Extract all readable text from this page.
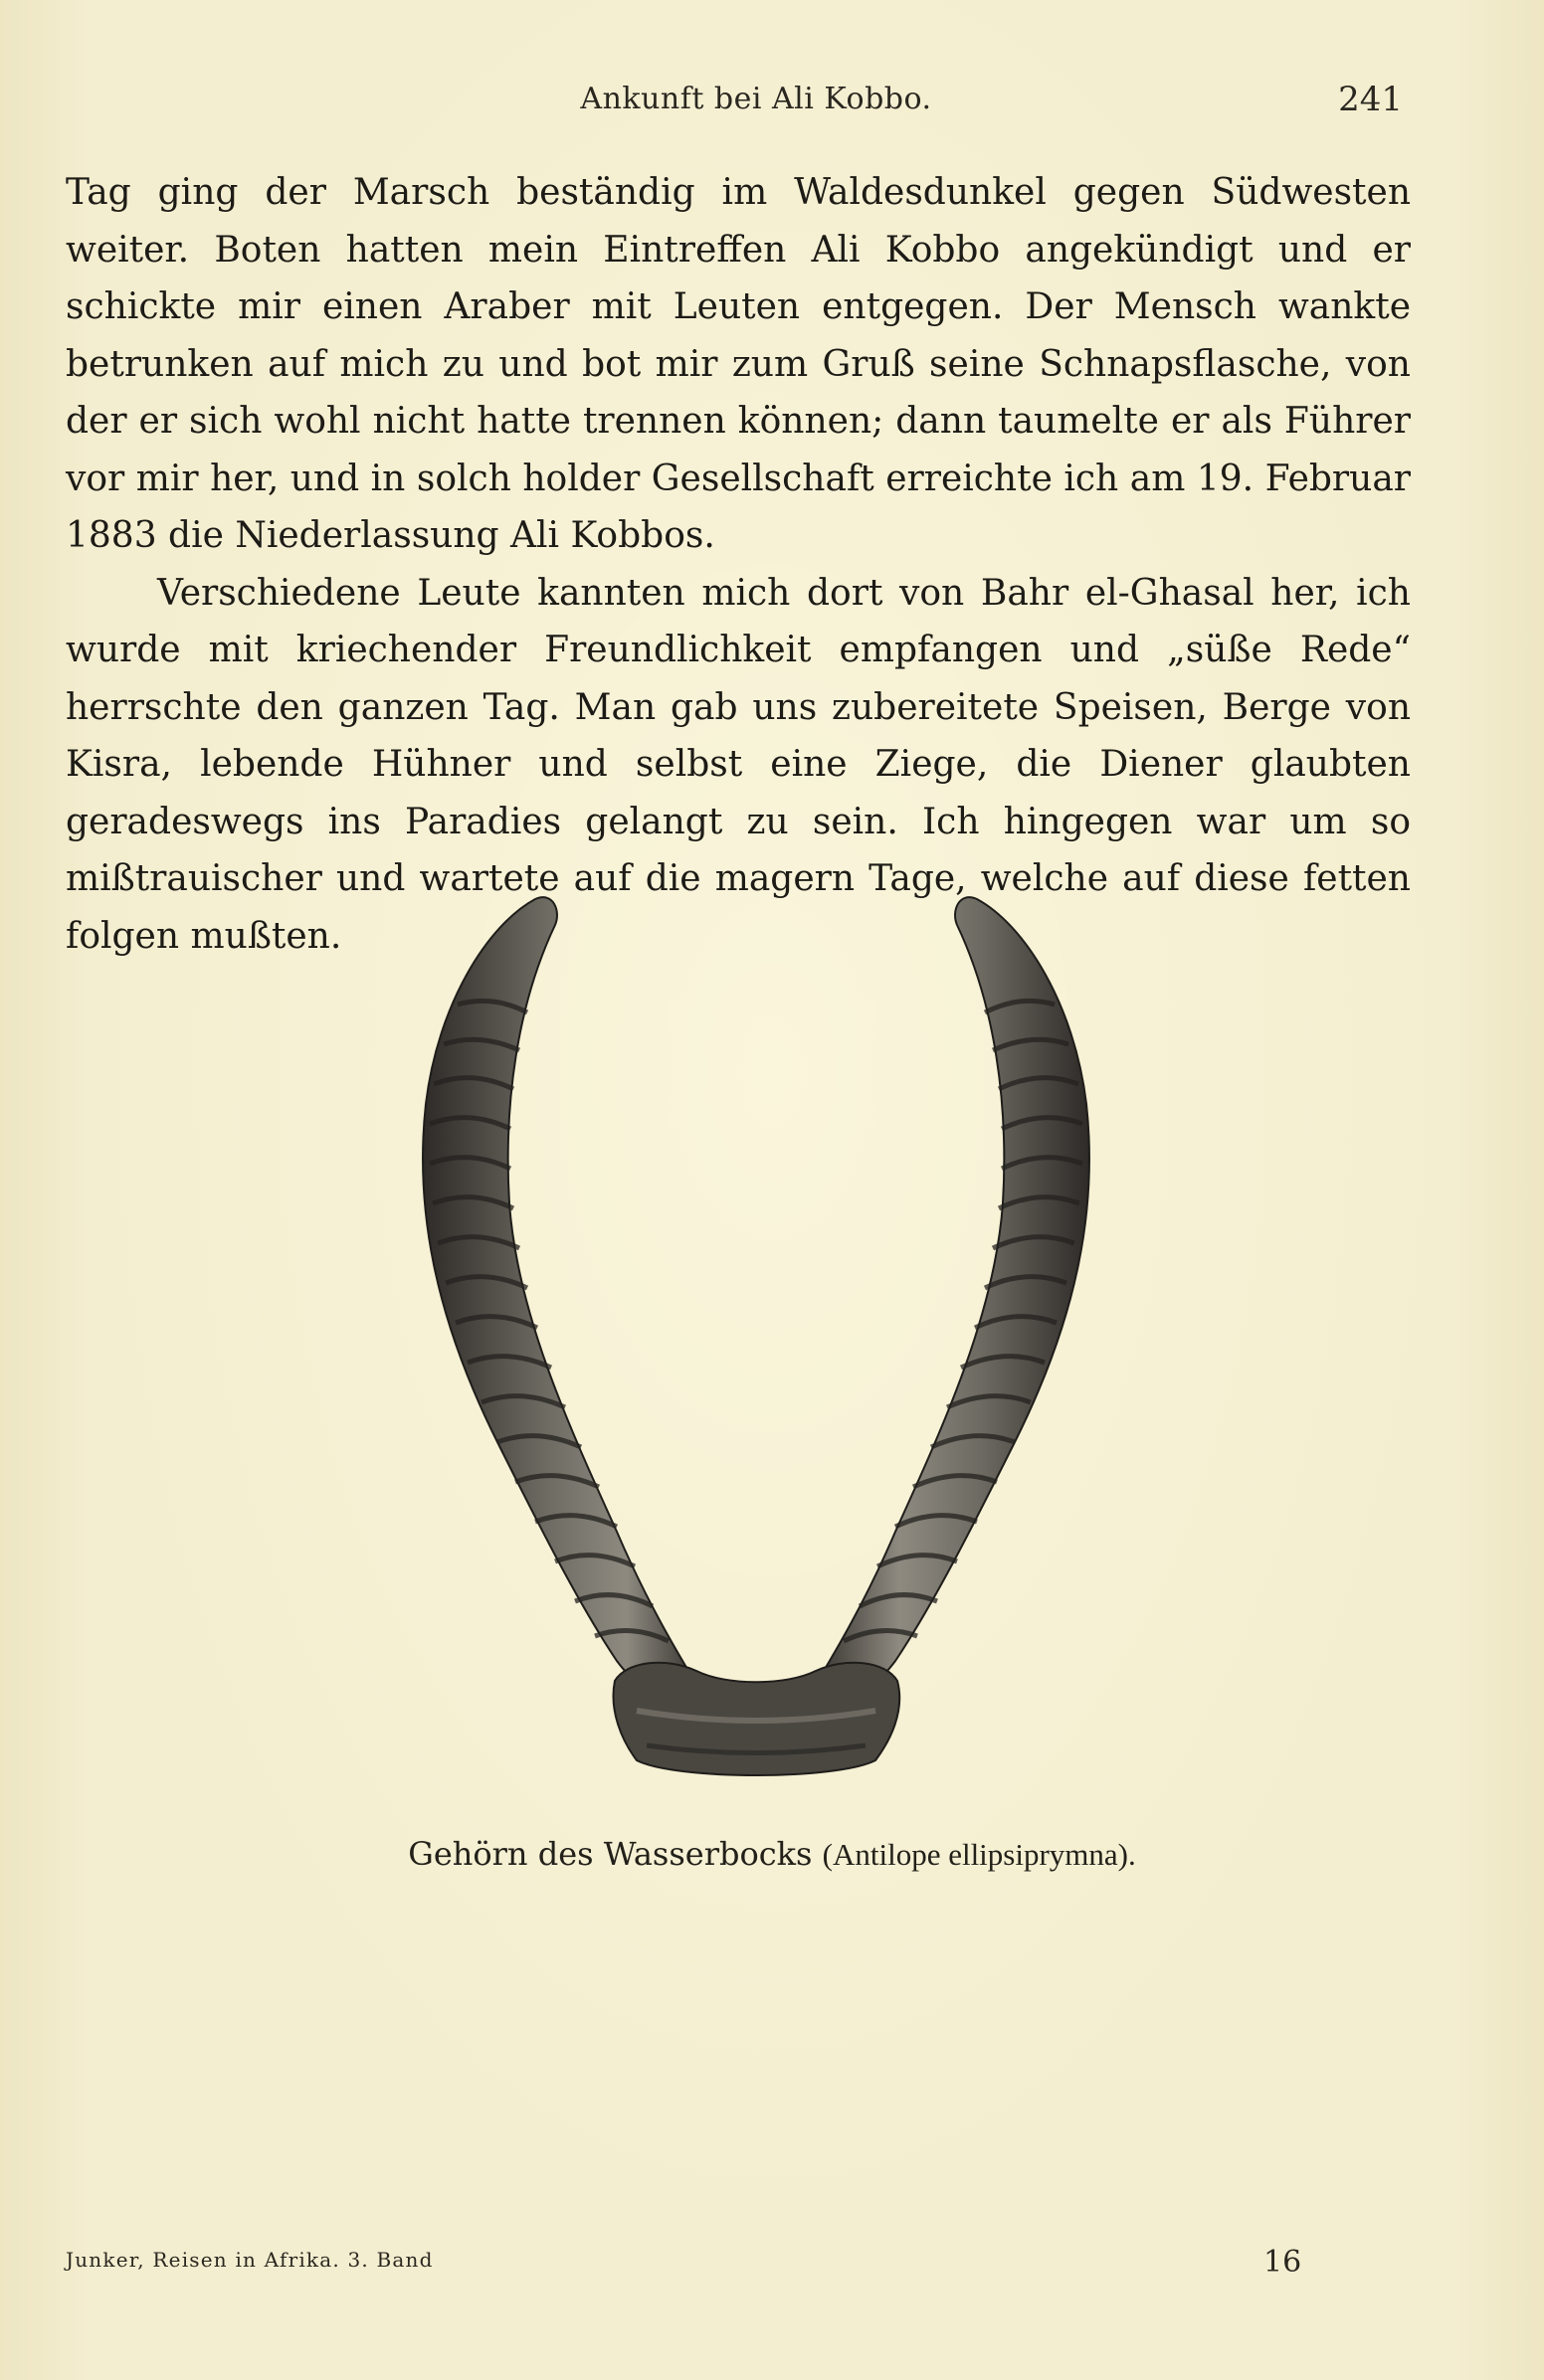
Ankunft bei Ali Kobbo.	241

Tag ging der Marsch beständig im Waldesdunkel gegen Südwesten weiter. Boten hatten mein Eintreffen Ali Kobbo angekündigt und er schickte mir einen Araber mit Leuten entgegen. Der Mensch wankte betrunken auf mich zu und bot mir zum Gruß seine Schnapsflasche, von der er sich wohl nicht hatte trennen können; dann taumelte er als Führer vor mir her, und in solch holder Gesellschaft erreichte ich am 19. Februar 1883 die Niederlassung Ali Kobbos.

Verschiedene Leute kannten mich dort von Bahr el-Ghasal her, ich wurde mit kriechender Freundlichkeit empfangen und „süße Rede“ herrschte den ganzen Tag. Man gab uns zubereitete Speisen, Berge von Kisra, lebende Hühner und selbst eine Ziege, die Diener glaubten geradeswegs ins Paradies gelangt zu sein. Ich hingegen war um so mißtrauischer und wartete auf die magern Tage, welche auf diese fetten folgen mußten.

Gehörn des Wasserbocks (Antilope ellipsiprymna).
Junker, Reisen in Afrika. 3. Band	16
